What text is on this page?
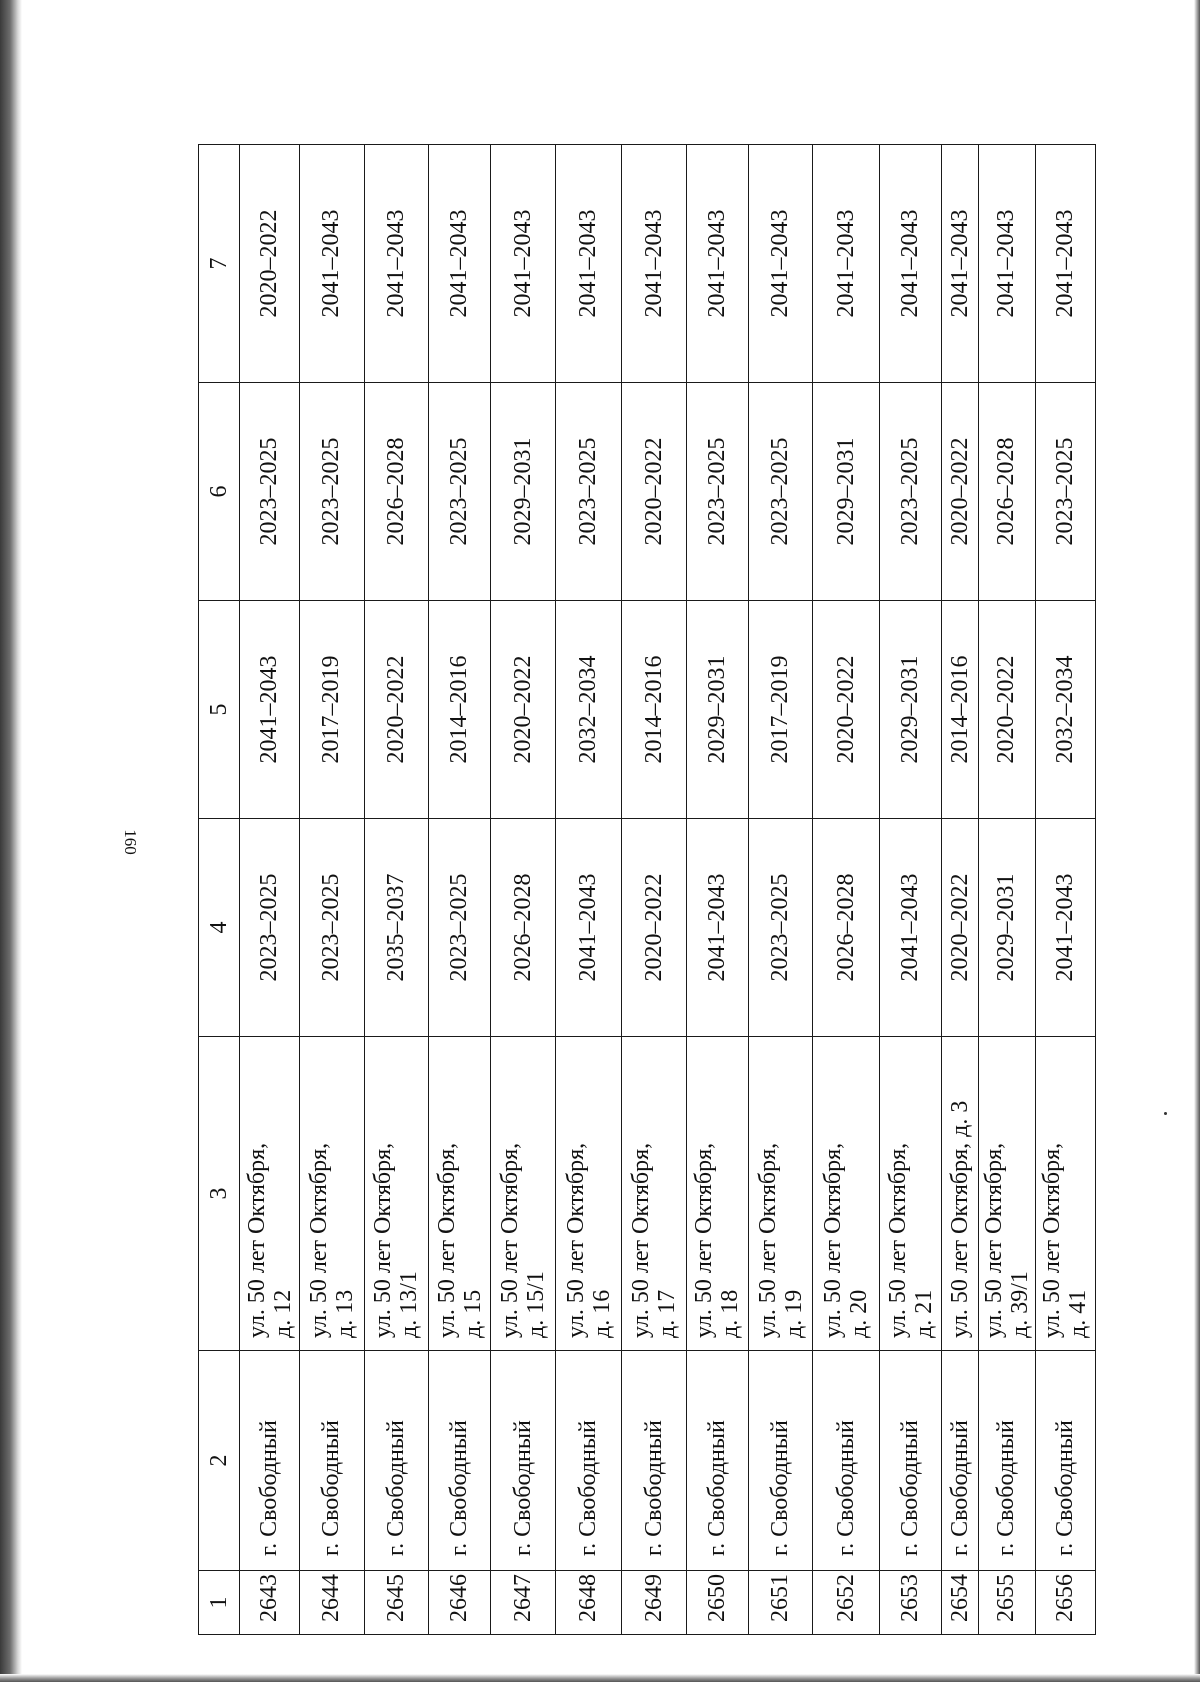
160
1	2	3	4	5	6	7
2643	г. Свободный	ул. 50 лет Октября,
д. 12	2023–2025	2041–2043	2023–2025	2020–2022
2644	г. Свободный	ул. 50 лет Октября,
д. 13	2023–2025	2017–2019	2023–2025	2041–2043
2645	г. Свободный	ул. 50 лет Октября,
д. 13/1	2035–2037	2020–2022	2026–2028	2041–2043
2646	г. Свободный	ул. 50 лет Октября,
д. 15	2023–2025	2014–2016	2023–2025	2041–2043
2647	г. Свободный	ул. 50 лет Октября,
д. 15/1	2026–2028	2020–2022	2029–2031	2041–2043
2648	г. Свободный	ул. 50 лет Октября,
д. 16	2041–2043	2032–2034	2023–2025	2041–2043
2649	г. Свободный	ул. 50 лет Октября,
д. 17	2020–2022	2014–2016	2020–2022	2041–2043
2650	г. Свободный	ул. 50 лет Октября,
д. 18	2041–2043	2029–2031	2023–2025	2041–2043
2651	г. Свободный	ул. 50 лет Октября,
д. 19	2023–2025	2017–2019	2023–2025	2041–2043
2652	г. Свободный	ул. 50 лет Октября,
д. 20	2026–2028	2020–2022	2029–2031	2041–2043
2653	г. Свободный	ул. 50 лет Октября,
д. 21	2041–2043	2029–2031	2023–2025	2041–2043
2654	г. Свободный	ул. 50 лет Октября, д. 3	2020–2022	2014–2016	2020–2022	2041–2043
2655	г. Свободный	ул. 50 лет Октября,
д. 39/1	2029–2031	2020–2022	2026–2028	2041–2043
2656	г. Свободный	ул. 50 лет Октября,
д. 41	2041–2043	2032–2034	2023–2025	2041–2043
